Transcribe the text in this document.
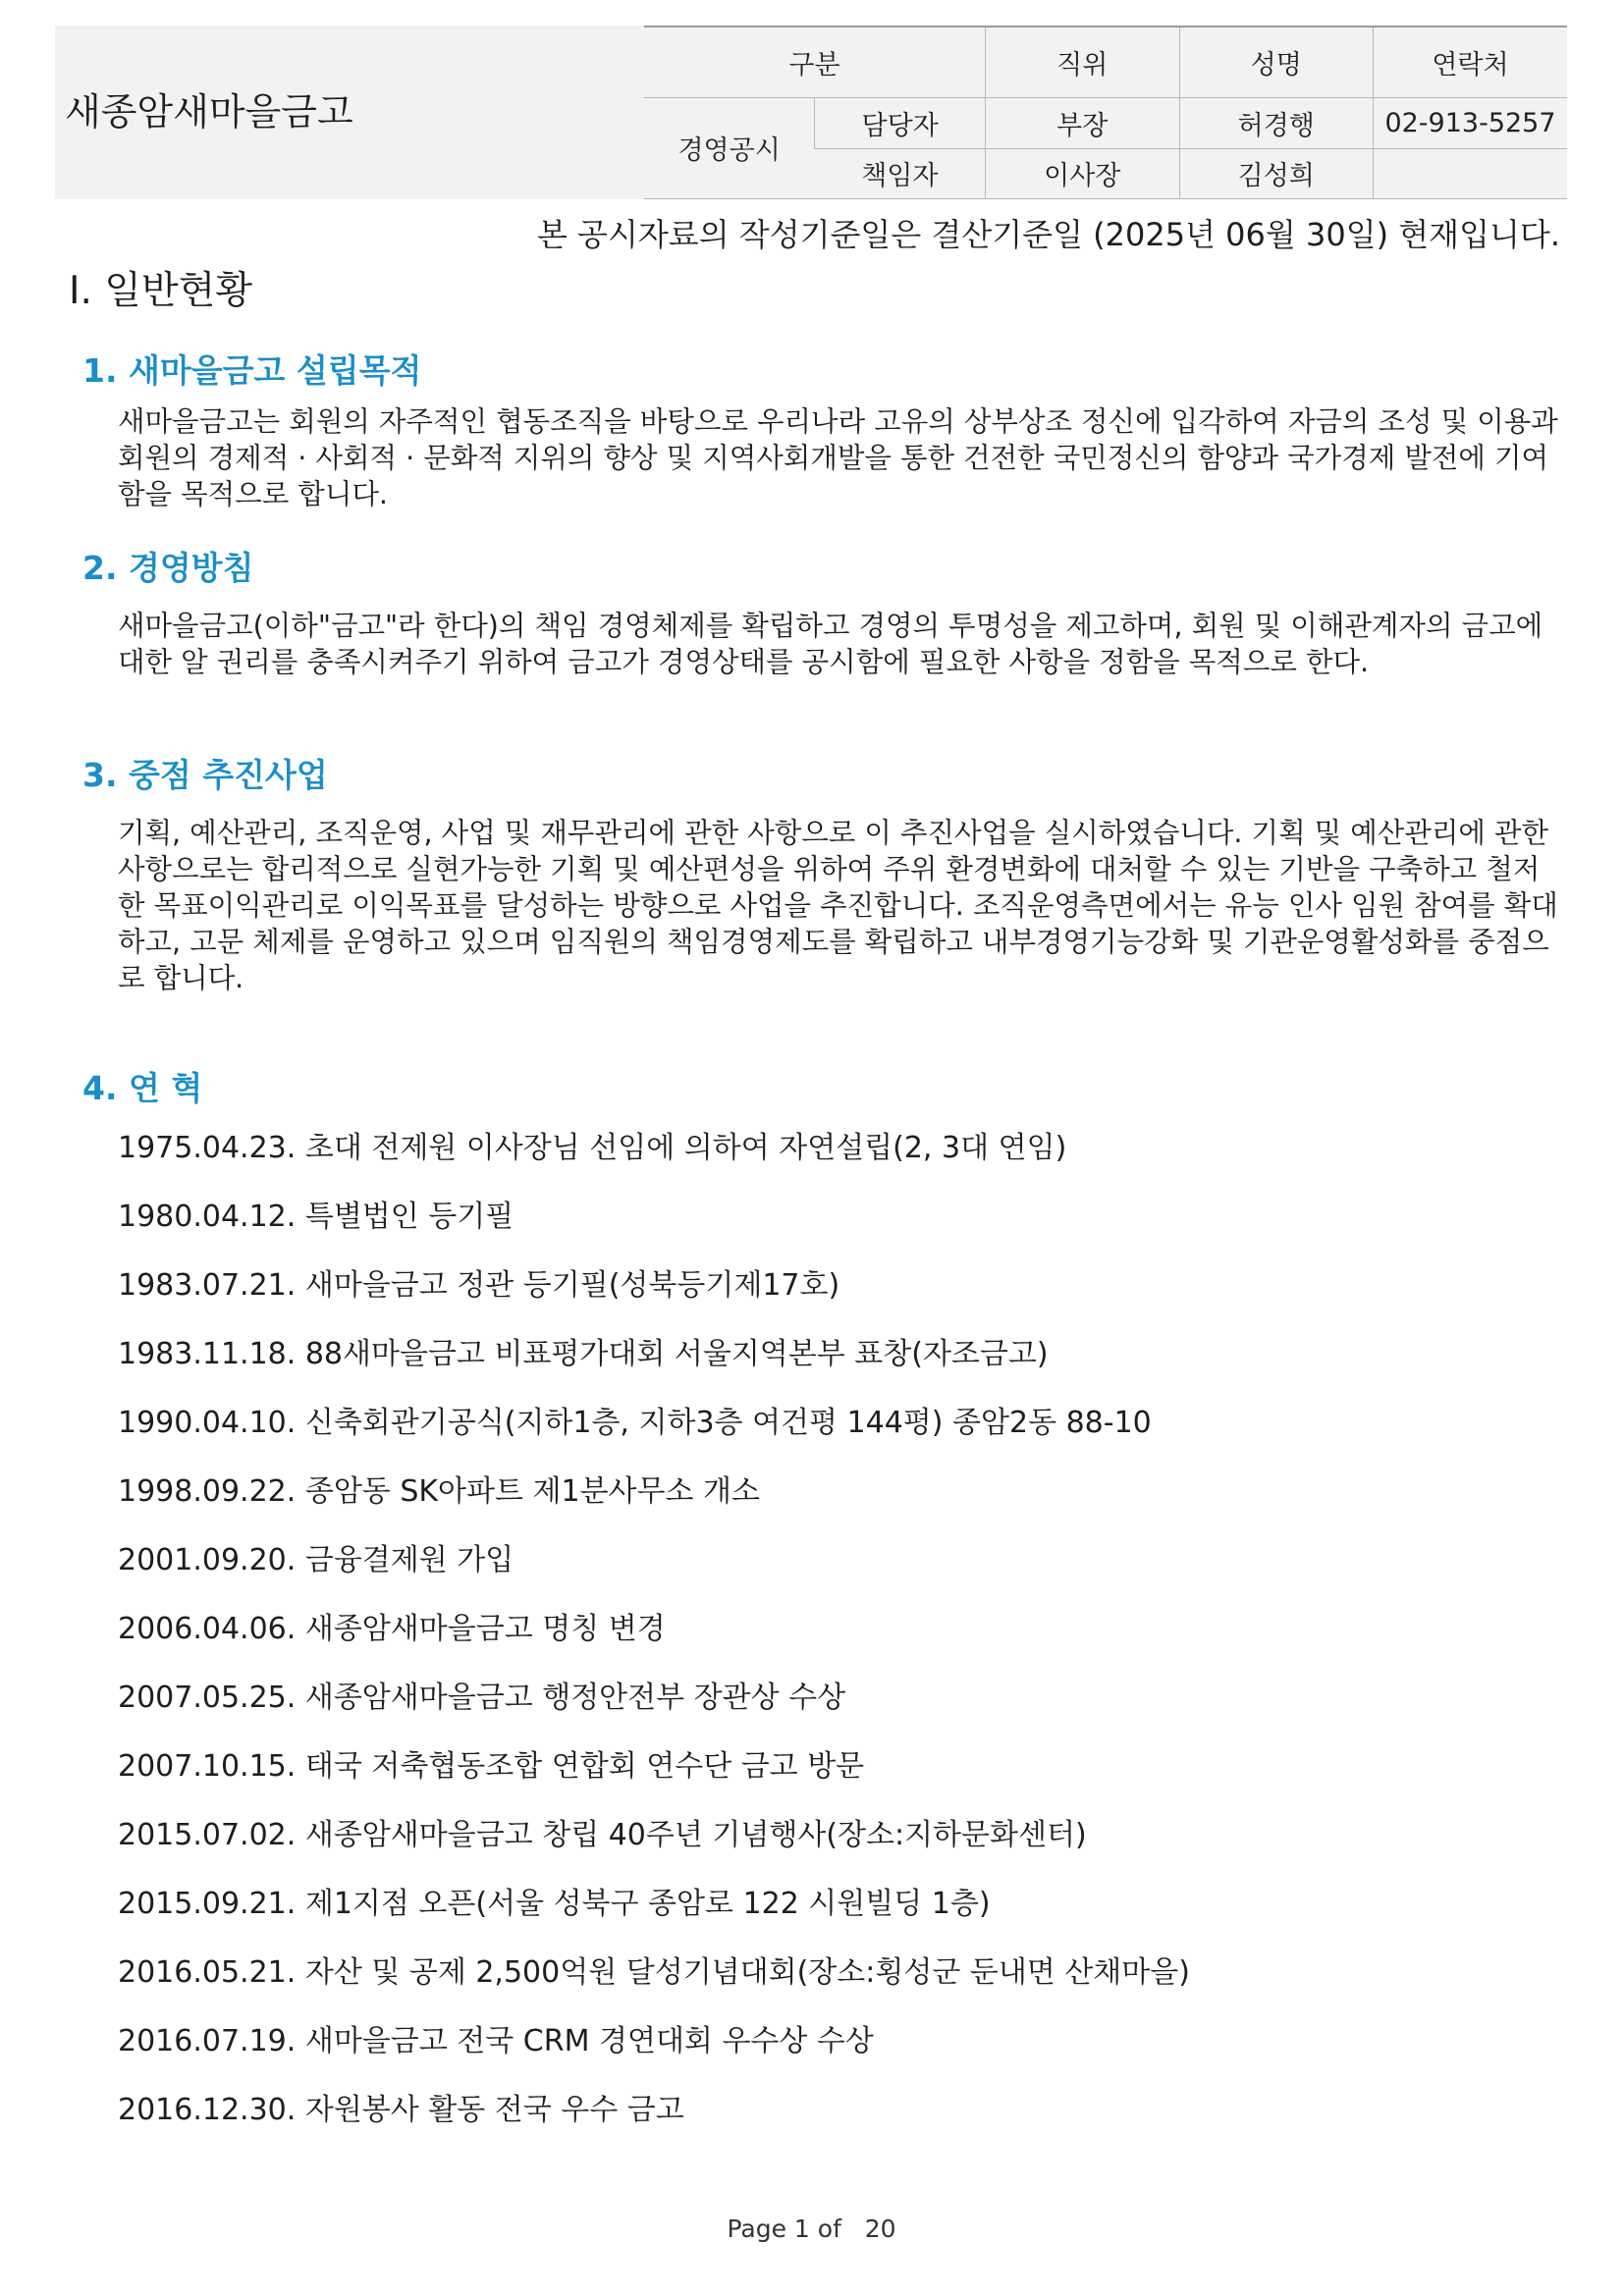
새종암새마을금고
구분		직위	성명	연락처
경영공시	담당자	부장	허경행	02-913-5257
	책임자	이사장	김성희	
본 공시자료의 작성기준일은 결산기준일 (2025년 06월 30일) 현재입니다.
Ⅰ. 일반현황
1. 새마을금고 설립목적

새마을금고는 회원의 자주적인 협동조직을 바탕으로 우리나라 고유의 상부상조 정신에 입각하여 자금의 조성 및 이용과 회원의 경제적 · 사회적 · 문화적 지위의 향상 및 지역사회개발을 통한 건전한 국민정신의 함양과 국가경제 발전에 기여함을 목적으로 합니다.

2. 경영방침

새마을금고(이하"금고"라 한다)의 책임 경영체제를 확립하고 경영의 투명성을 제고하며, 회원 및 이해관계자의 금고에 대한 알 권리를 충족시켜주기 위하여 금고가 경영상태를 공시함에 필요한 사항을 정함을 목적으로 한다.

3. 중점 추진사업

기획, 예산관리, 조직운영, 사업 및 재무관리에 관한 사항으로 이 추진사업을 실시하였습니다. 기획 및 예산관리에 관한 사항으로는 합리적으로 실현가능한 기획 및 예산편성을 위하여 주위 환경변화에 대처할 수 있는 기반을 구축하고 철저한 목표이익관리로 이익목표를 달성하는 방향으로 사업을 추진합니다. 조직운영측면에서는 유능 인사 임원 참여를 확대하고, 고문 체제를 운영하고 있으며 임직원의 책임경영제도를 확립하고 내부경영기능강화 및 기관운영활성화를 중점으로 합니다.

4. 연 혁
1975.04.23. 초대 전제원 이사장님 선임에 의하여 자연설립(2, 3대 연임)
1980.04.12. 특별법인 등기필
1983.07.21. 새마을금고 정관 등기필(성북등기제17호)
1983.11.18. 88새마을금고 비표평가대회 서울지역본부 표창(자조금고)
1990.04.10. 신축회관기공식(지하1층, 지하3층 여건평 144평) 종암2동 88-10
1998.09.22. 종암동 SK아파트 제1분사무소 개소
2001.09.20. 금융결제원 가입
2006.04.06. 새종암새마을금고 명칭 변경
2007.05.25. 새종암새마을금고 행정안전부 장관상 수상
2007.10.15. 태국 저축협동조합 연합회 연수단 금고 방문
2015.07.02. 새종암새마을금고 창립 40주년 기념행사(장소:지하문화센터)
2015.09.21. 제1지점 오픈(서울 성북구 종암로 122 시원빌딩 1층)
2016.05.21. 자산 및 공제 2,500억원 달성기념대회(장소:횡성군 둔내면 산채마을)
2016.07.19. 새마을금고 전국 CRM 경연대회 우수상 수상
2016.12.30. 자원봉사 활동 전국 우수 금고
Page 1 of 20
